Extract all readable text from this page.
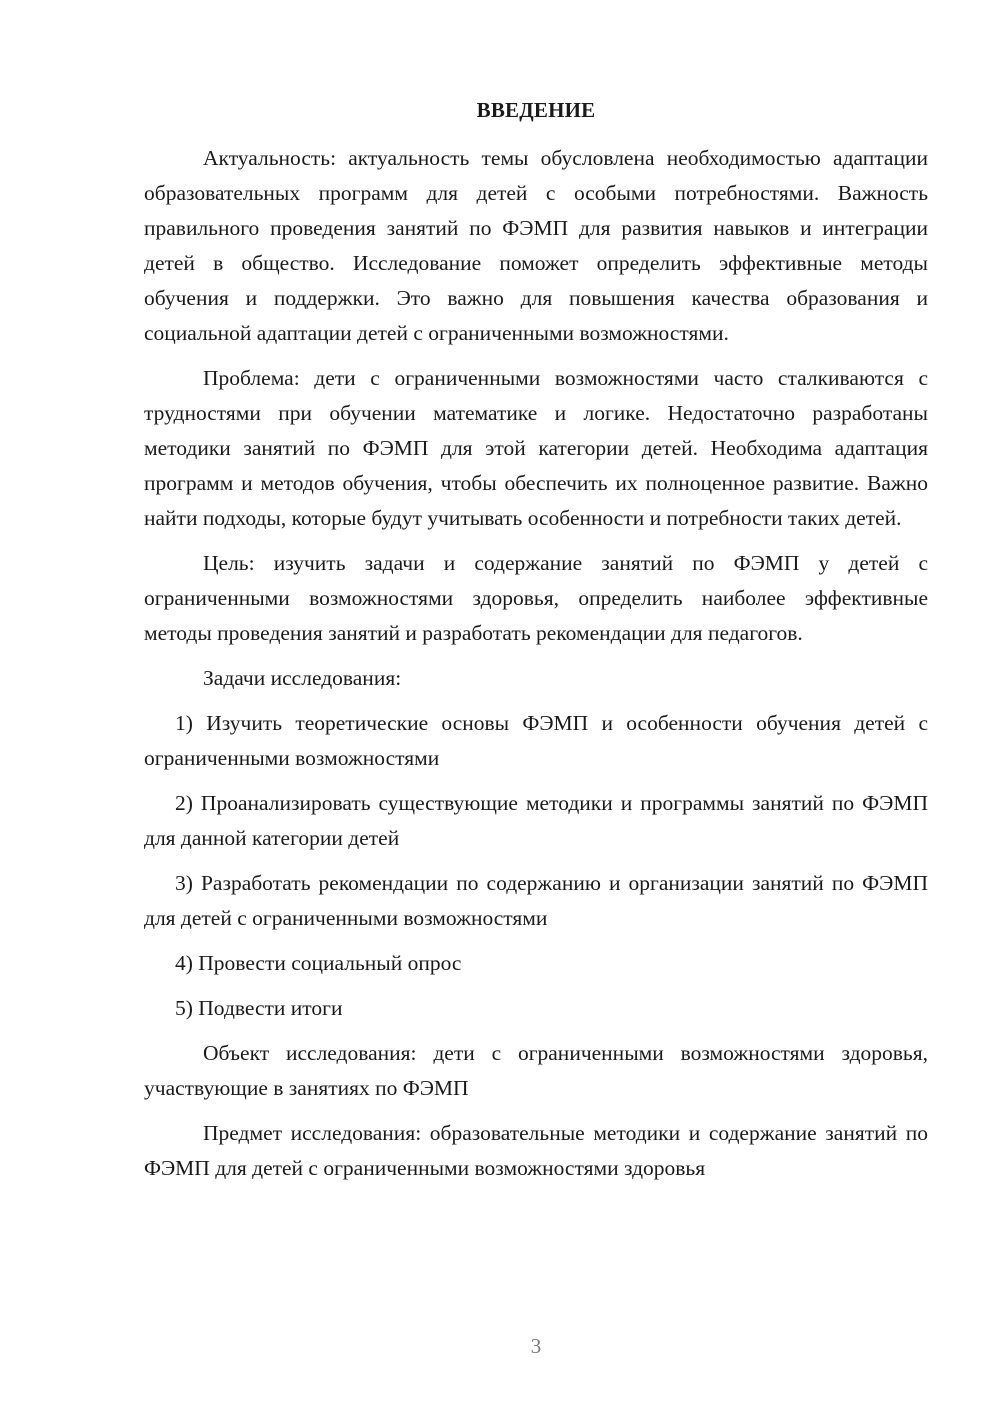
ВВЕДЕНИЕ

Актуальность: актуальность темы обусловлена необходимостью адаптации образовательных программ для детей с особыми потребностями. Важность правильного проведения занятий по ФЭМП для развития навыков и интеграции детей в общество. Исследование поможет определить эффективные методы обучения и поддержки. Это важно для повышения качества образования и социальной адаптации детей с ограниченными возможностями.

Проблема: дети с ограниченными возможностями часто сталкиваются с трудностями при обучении математике и логике. Недостаточно разработаны методики занятий по ФЭМП для этой категории детей. Необходима адаптация программ и методов обучения, чтобы обеспечить их полноценное развитие. Важно найти подходы, которые будут учитывать особенности и потребности таких детей.

Цель: изучить задачи и содержание занятий по ФЭМП у детей с ограниченными возможностями здоровья, определить наиболее эффективные методы проведения занятий и разработать рекомендации для педагогов.

Задачи исследования:

1) Изучить теоретические основы ФЭМП и особенности обучения детей с ограниченными возможностями

2) Проанализировать существующие методики и программы занятий по ФЭМП для данной категории детей

3) Разработать рекомендации по содержанию и организации занятий по ФЭМП для детей с ограниченными возможностями

4) Провести социальный опрос

5) Подвести итоги

Объект исследования: дети с ограниченными возможностями здоровья, участвующие в занятиях по ФЭМП

Предмет исследования: образовательные методики и содержание занятий по ФЭМП для детей с ограниченными возможностями здоровья

3
